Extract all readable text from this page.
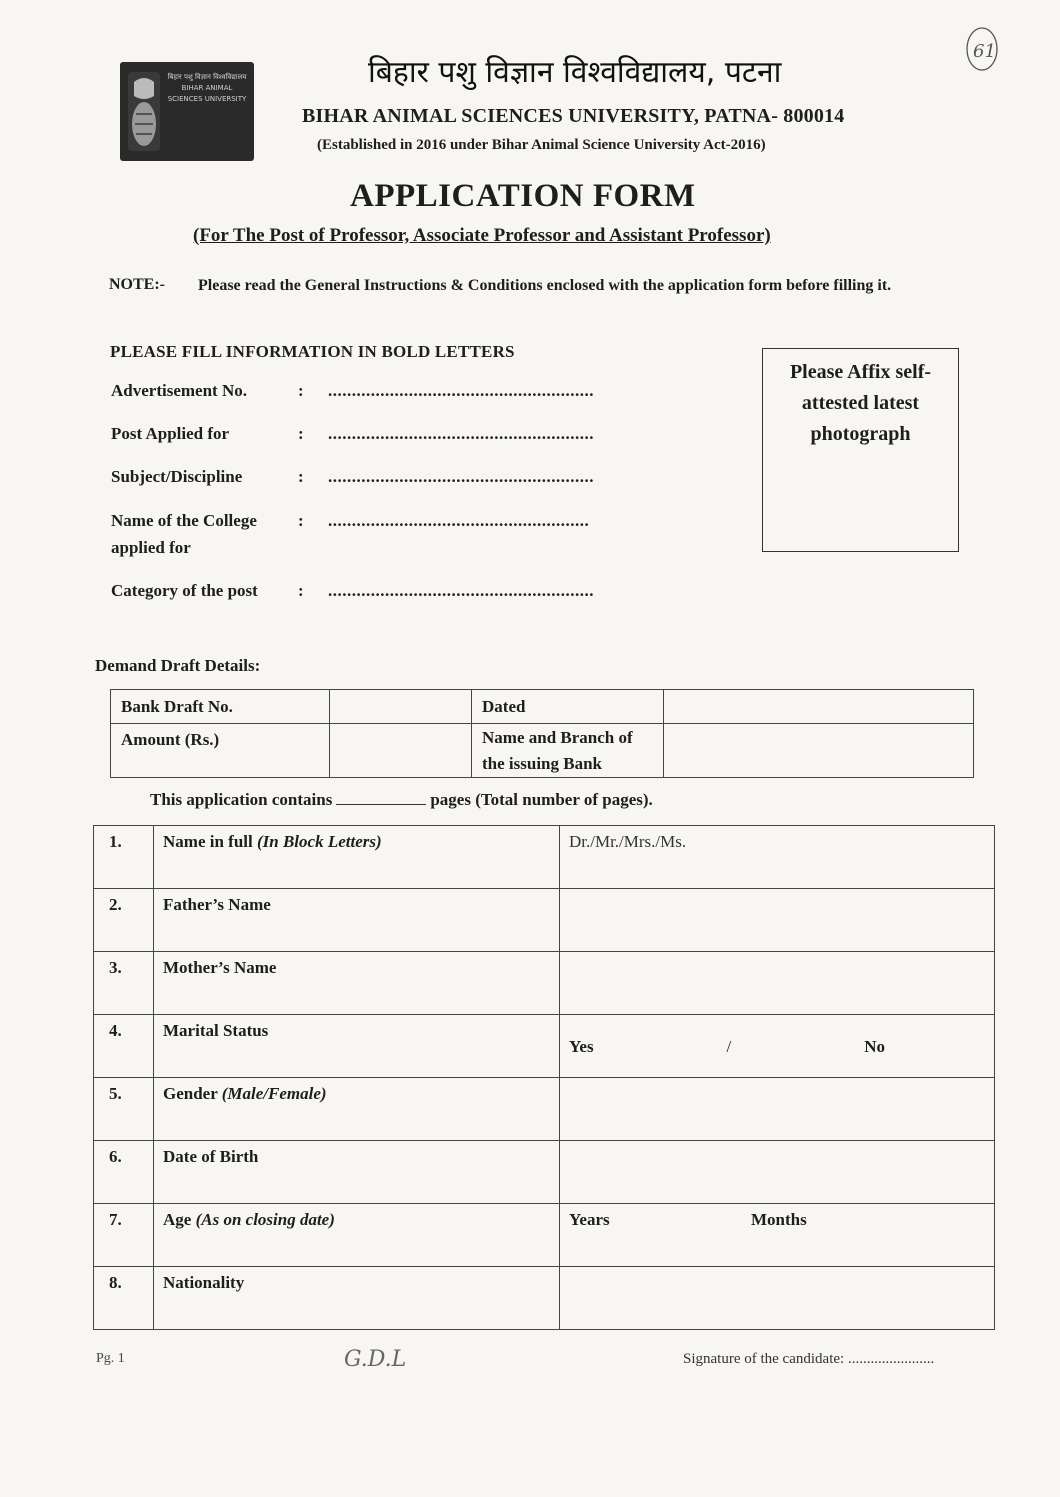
बिहार पशु विज्ञान विश्वविद्यालय BIHAR ANIMAL SCIENCES UNIVERSITY
बिहार पशु विज्ञान विश्वविद्यालय, पटना
BIHAR ANIMAL SCIENCES UNIVERSITY, PATNA- 800014
(Established in 2016 under Bihar Animal Science University Act-2016)
61
APPLICATION FORM
(For The Post of Professor, Associate Professor and Assistant Professor)
NOTE:- Please read the General Instructions & Conditions enclosed with the application form before filling it.
PLEASE FILL INFORMATION IN BOLD LETTERS
Advertisement No.	: ........................................................
Post Applied for	: ........................................................
Subject/Discipline	: ........................................................
Name of the College applied for
: .......................................................
Category of the post : ........................................................
Please Affix self-attested latest photograph
Demand Draft Details:
Bank Draft No.		Dated	
Amount (Rs.)		Name and Branch of the issuing Bank	
This application contains	pages (Total number of pages).
1.	Name in full (In Block Letters)	Dr./Mr./Mrs./Ms.
2.	Father’s Name	
3.	Mother’s Name	
4.	Marital Status	Yes / No

5.	Gender (Male/Female)	
6.	Date of Birth	
7.	Age (As on closing date)	Years Months

8.	Nationality	
Pg. 1	G.D.L	Signature of the candidate: .......................
